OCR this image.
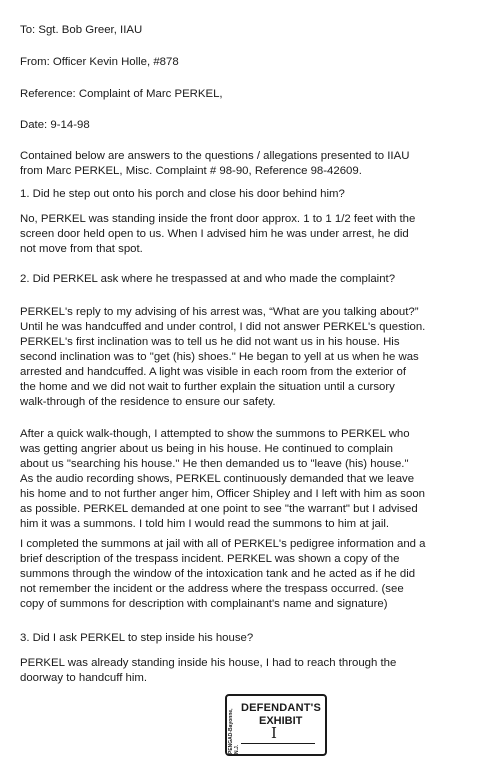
To: Sgt. Bob Greer, IIAU
From: Officer Kevin Holle, #878
Reference: Complaint of Marc PERKEL,
Date: 9-14-98
Contained below are answers to the questions / allegations presented to IIAU
from Marc PERKEL, Misc. Complaint # 98-90, Reference 98-42609.
1. Did he step out onto his porch and close his door behind him?
No, PERKEL was standing inside the front door approx. 1 to 1 1/2 feet with the
screen door held open to us. When I advised him he was under arrest, he did
not move from that spot.
2. Did PERKEL ask where he trespassed at and who made the complaint?
PERKEL's reply to my advising of his arrest was, “What are you talking about?”
Until he was handcuffed and under control, I did not answer PERKEL's question.
PERKEL's first inclination was to tell us he did not want us in his house. His
second inclination was to "get (his) shoes." He began to yell at us when he was
arrested and handcuffed. A light was visible in each room from the exterior of
the home and we did not wait to further explain the situation until a cursory
walk-through of the residence to ensure our safety.
After a quick walk-though, I attempted to show the summons to PERKEL who
was getting angrier about us being in his house. He continued to complain
about us "searching his house." He then demanded us to "leave (his) house."
As the audio recording shows, PERKEL continuously demanded that we leave
his home and to not further anger him, Officer Shipley and I left with him as soon
as possible. PERKEL demanded at one point to see "the warrant" but I advised
him it was a summons. I told him I would read the summons to him at jail.
I completed the summons at jail with all of PERKEL's pedigree information and a
brief description of the trespass incident. PERKEL was shown a copy of the
summons through the window of the intoxication tank and he acted as if he did
not remember the incident or the address where the trespass occurred. (see
copy of summons for description with complainant's name and signature)
3. Did I ask PERKEL to step inside his house?
PERKEL was already standing inside his house, I had to reach through the
doorway to handcuff him.
PENGAD-Bayonne, N.J.
DEFENDANT'S
EXHIBIT
I
